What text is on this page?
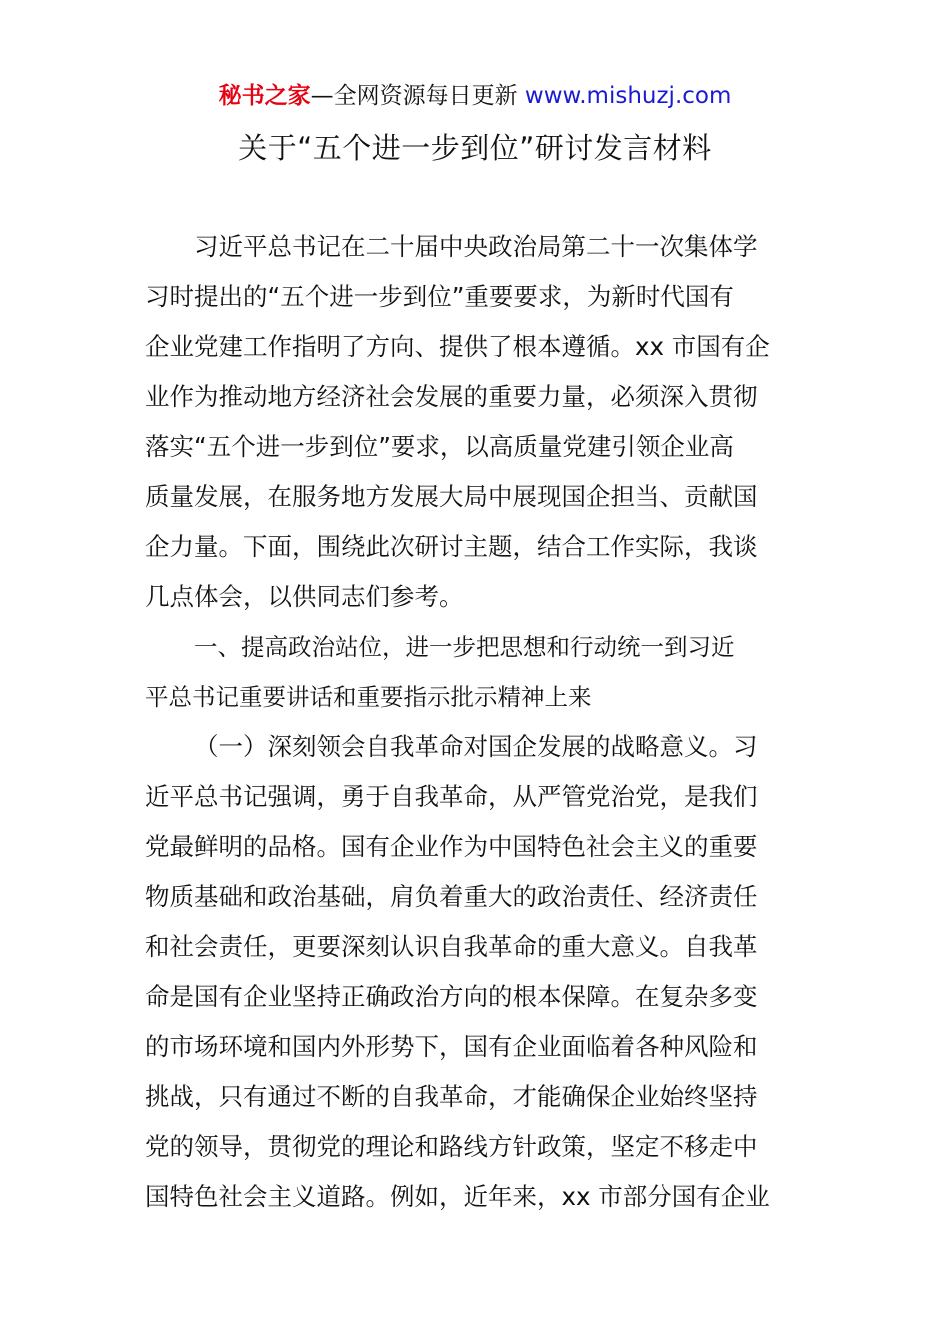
秘书之家—全网资源每日更新 www.mishuzj.com
关于“五个进一步到位”研讨发言材料
习近平总书记在二十届中央政治局第二十一次集体学
习时提出的“五个进一步到位”重要要求，为新时代国有
企业党建工作指明了方向、提供了根本遵循。xx 市国有企
业作为推动地方经济社会发展的重要力量，必须深入贯彻
落实“五个进一步到位”要求，以高质量党建引领企业高
质量发展，在服务地方发展大局中展现国企担当、贡献国
企力量。下面，围绕此次研讨主题，结合工作实际，我谈
几点体会，以供同志们参考。
一、提高政治站位，进一步把思想和行动统一到习近
平总书记重要讲话和重要指示批示精神上来
（一）深刻领会自我革命对国企发展的战略意义。习
近平总书记强调，勇于自我革命，从严管党治党，是我们
党最鲜明的品格。国有企业作为中国特色社会主义的重要
物质基础和政治基础，肩负着重大的政治责任、经济责任
和社会责任，更要深刻认识自我革命的重大意义。自我革
命是国有企业坚持正确政治方向的根本保障。在复杂多变
的市场环境和国内外形势下，国有企业面临着各种风险和
挑战，只有通过不断的自我革命，才能确保企业始终坚持
党的领导，贯彻党的理论和路线方针政策，坚定不移走中
国特色社会主义道路。例如，近年来，xx 市部分国有企业
